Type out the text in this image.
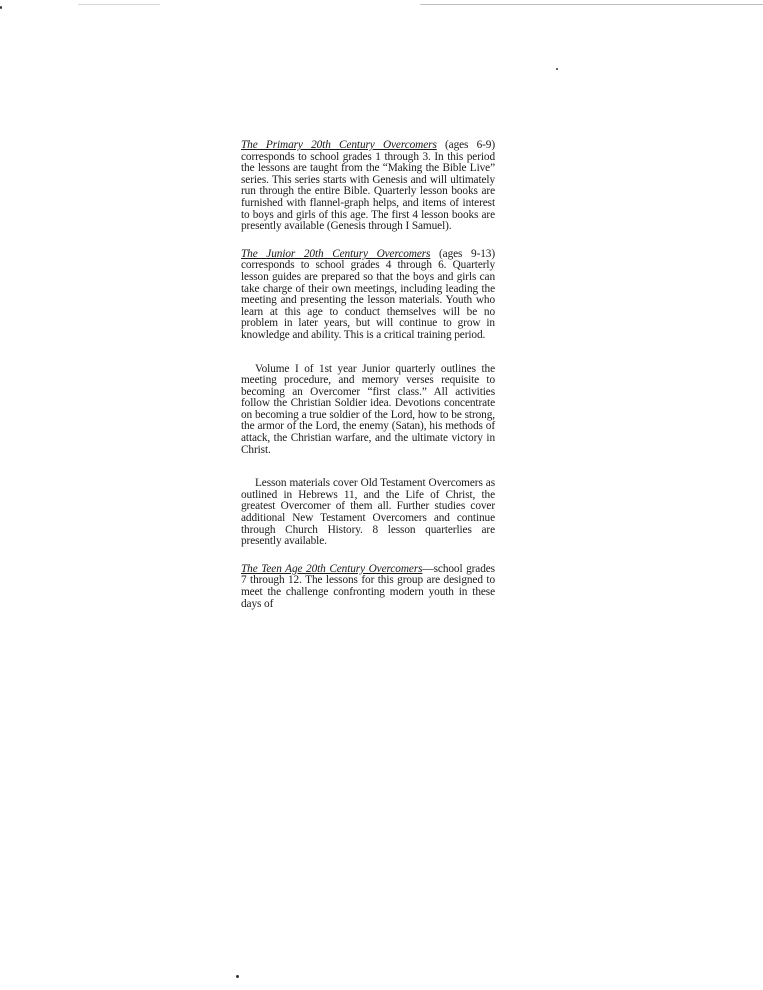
The Primary 20th Century Overcomers (ages 6-9) corresponds to school grades 1 through 3. In this period the lessons are taught from the “Making the Bible Live” series. This series starts with Genesis and will ultimately run through the entire Bible. Quarterly lesson books are furnished with flannel-graph helps, and items of interest to boys and girls of this age. The first 4 lesson books are presently available (Genesis through I Samuel).

The Junior 20th Century Overcomers (ages 9-13) corresponds to school grades 4 through 6. Quarterly lesson guides are prepared so that the boys and girls can take charge of their own meetings, including leading the meeting and presenting the lesson materials. Youth who learn at this age to conduct themselves will be no problem in later years, but will continue to grow in knowledge and ability. This is a critical training period.

Volume I of 1st year Junior quarterly outlines the meeting procedure, and memory verses requisite to becoming an Overcomer “first class.” All activities follow the Christian Soldier idea. Devotions concentrate on becoming a true soldier of the Lord, how to be strong, the armor of the Lord, the enemy (Satan), his methods of attack, the Christian warfare, and the ultimate victory in Christ.

Lesson materials cover Old Testament Overcomers as outlined in Hebrews 11, and the Life of Christ, the greatest Overcomer of them all. Further studies cover additional New Testament Overcomers and continue through Church History. 8 lesson quarterlies are presently available.

The Teen Age 20th Century Overcomers—school grades 7 through 12. The lessons for this group are designed to meet the challenge confronting modern youth in these days of
